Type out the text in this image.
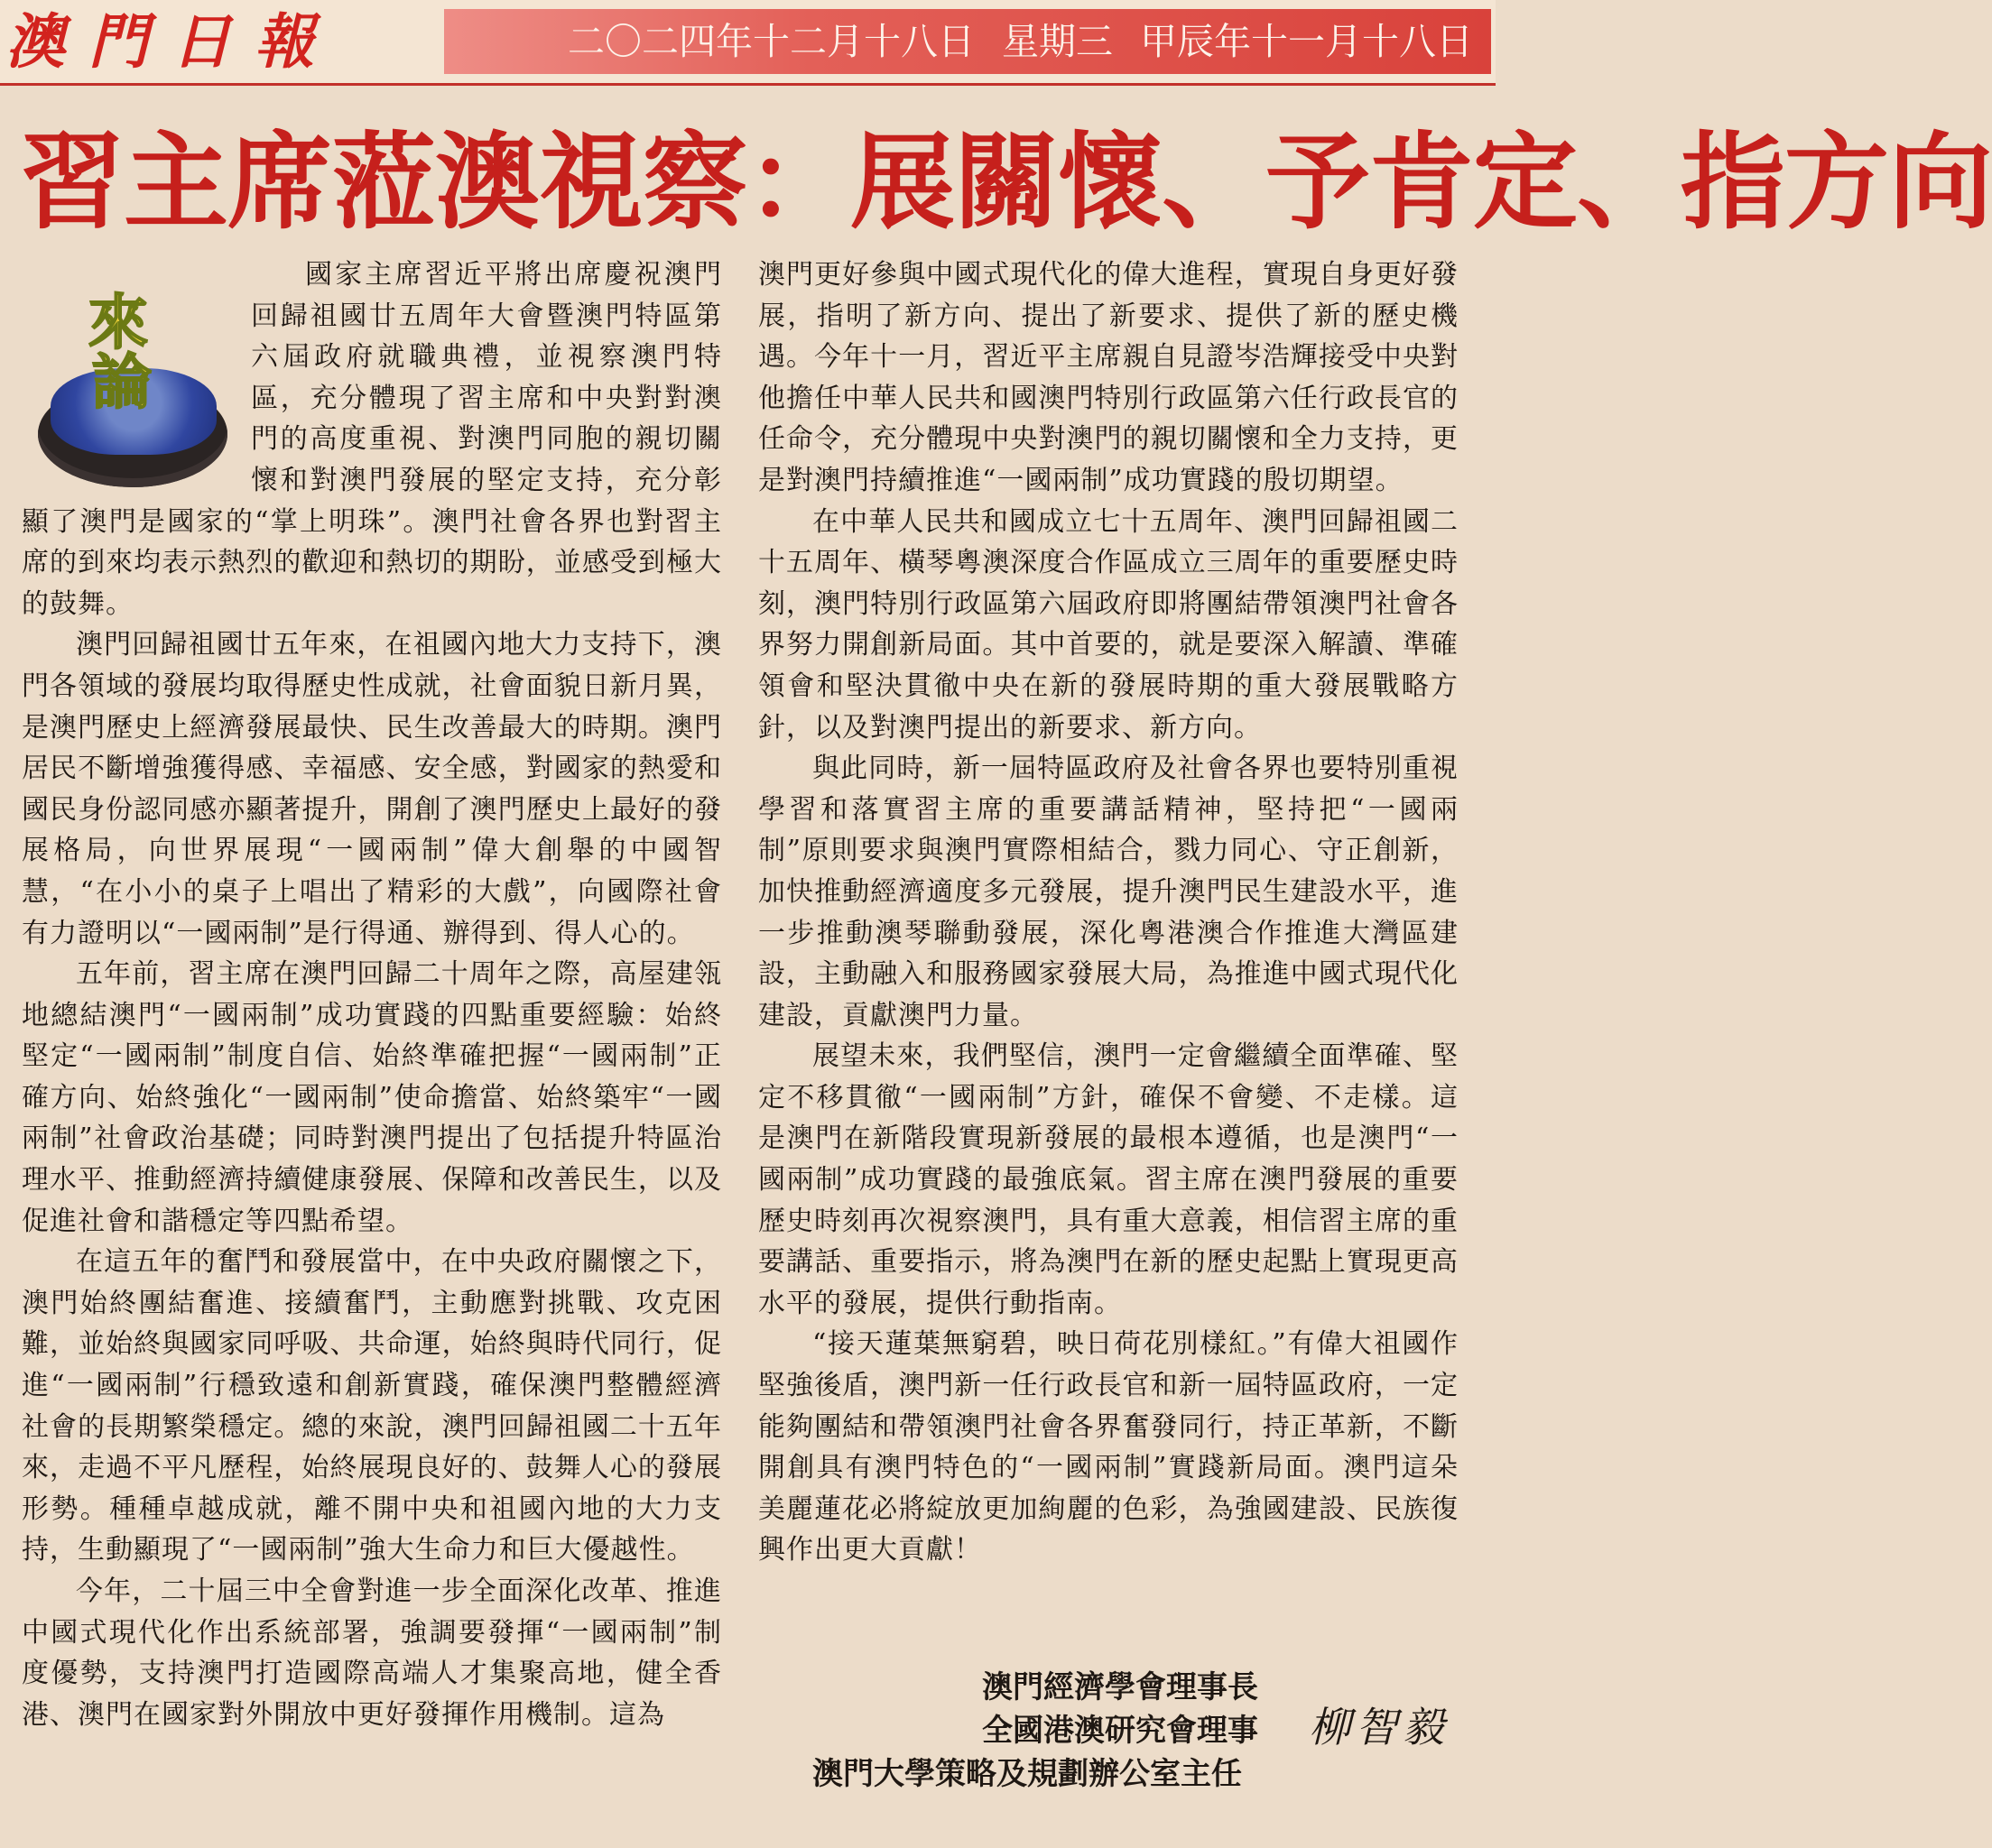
澳門日報	二〇二四年十二月十八日 星期三 甲辰年十一月十八日
習主席蒞澳視察：展關懷、予肯定、指方向
來
論

國家主席習近平將出席慶祝澳門回歸祖國廿五周年大會暨澳門特區第六屆政府就職典禮，並視察澳門特區，充分體現了習主席和中央對對澳門的高度重視、對澳門同胞的親切關懷和對澳門發展的堅定支持，充分彰顯了澳門是國家的“掌上明珠”。澳門社會各界也對習主席的到來均表示熱烈的歡迎和熱切的期盼，並感受到極大的鼓舞。

澳門回歸祖國廿五年來，在祖國內地大力支持下，澳門各領域的發展均取得歷史性成就，社會面貌日新月異，是澳門歷史上經濟發展最快、民生改善最大的時期。澳門居民不斷增強獲得感、幸福感、安全感，對國家的熱愛和國民身份認同感亦顯著提升，開創了澳門歷史上最好的發展格局，向世界展現“一國兩制”偉大創舉的中國智慧，“在小小的桌子上唱出了精彩的大戲”，向國際社會有力證明以“一國兩制”是行得通、辦得到、得人心的。

五年前，習主席在澳門回歸二十周年之際，高屋建瓴地總結澳門“一國兩制”成功實踐的四點重要經驗：始終堅定“一國兩制”制度自信、始終準確把握“一國兩制”正確方向、始終強化“一國兩制”使命擔當、始終築牢“一國兩制”社會政治基礎；同時對澳門提出了包括提升特區治理水平、推動經濟持續健康發展、保障和改善民生，以及促進社會和諧穩定等四點希望。

在這五年的奮鬥和發展當中，在中央政府關懷之下，澳門始終團結奮進、接續奮鬥，主動應對挑戰、攻克困難，並始終與國家同呼吸、共命運，始終與時代同行，促進“一國兩制”行穩致遠和創新實踐，確保澳門整體經濟社會的長期繁榮穩定。總的來說，澳門回歸祖國二十五年來，走過不平凡歷程，始終展現良好的、鼓舞人心的發展形勢。種種卓越成就，離不開中央和祖國內地的大力支持，生動顯現了“一國兩制”強大生命力和巨大優越性。

今年，二十屆三中全會對進一步全面深化改革、推進中國式現代化作出系統部署，強調要發揮“一國兩制”制度優勢，支持澳門打造國際高端人才集聚高地，健全香港、澳門在國家對外開放中更好發揮作用機制。這為

澳門更好參與中國式現代化的偉大進程，實現自身更好發展，指明了新方向、提出了新要求、提供了新的歷史機遇。今年十一月，習近平主席親自見證岑浩輝接受中央對他擔任中華人民共和國澳門特別行政區第六任行政長官的任命令，充分體現中央對澳門的親切關懷和全力支持，更是對澳門持續推進“一國兩制”成功實踐的殷切期望。

在中華人民共和國成立七十五周年、澳門回歸祖國二十五周年、橫琴粵澳深度合作區成立三周年的重要歷史時刻，澳門特別行政區第六屆政府即將團結帶領澳門社會各界努力開創新局面。其中首要的，就是要深入解讀、準確領會和堅決貫徹中央在新的發展時期的重大發展戰略方針，以及對澳門提出的新要求、新方向。

與此同時，新一屆特區政府及社會各界也要特別重視學習和落實習主席的重要講話精神，堅持把“一國兩制”原則要求與澳門實際相結合，戮力同心、守正創新，加快推動經濟適度多元發展，提升澳門民生建設水平，進一步推動澳琴聯動發展，深化粵港澳合作推進大灣區建設，主動融入和服務國家發展大局，為推進中國式現代化建設，貢獻澳門力量。

展望未來，我們堅信，澳門一定會繼續全面準確、堅定不移貫徹“一國兩制”方針，確保不會變、不走樣。這是澳門在新階段實現新發展的最根本遵循，也是澳門“一國兩制”成功實踐的最強底氣。習主席在澳門發展的重要歷史時刻再次視察澳門，具有重大意義，相信習主席的重要講話、重要指示，將為澳門在新的歷史起點上實現更高水平的發展，提供行動指南。

“接天蓮葉無窮碧，映日荷花別樣紅。”有偉大祖國作堅強後盾，澳門新一任行政長官和新一屆特區政府，一定能夠團結和帶領澳門社會各界奮發同行，持正革新，不斷開創具有澳門特色的“一國兩制”實踐新局面。澳門這朵美麗蓮花必將綻放更加絢麗的色彩，為強國建設、民族復興作出更大貢獻！

澳門經濟學會理事長
全國港澳研究會理事
澳門大學策略及規劃辦公室主任
柳智毅
